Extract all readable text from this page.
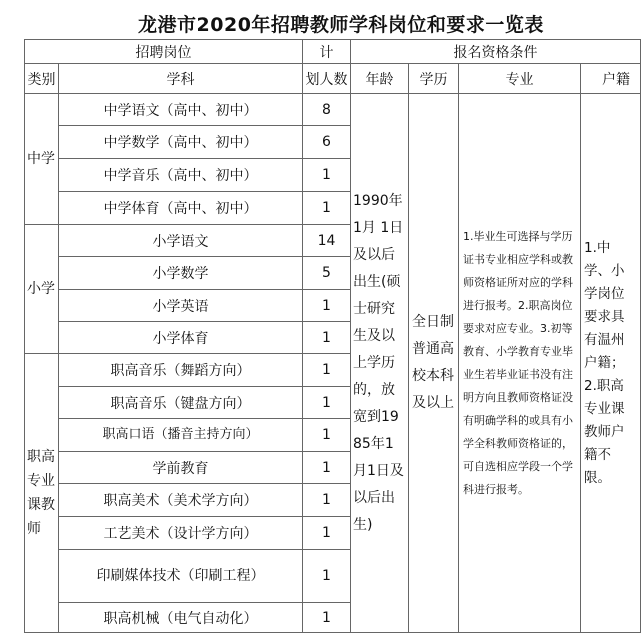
龙港市2020年招聘教师学科岗位和要求一览表
招聘岗位		计	报名资格条件			
类别	学科	划人数	年龄	学历	专业	户籍

中学	中学语文（高中、初中）	8	1990年1月 1日及以后出生(硕士研究生及以上学历的，放宽到1985年1月1日及以后出生)	全日制普通高校本科及以上	1.毕业生可选择与学历证书专业相应学科或教师资格证所对应的学科进行报考。2.职高岗位要求对应专业。3.初等教育、小学教育专业毕业生若毕业证书没有注明方向且教师资格证没有明确学科的或具有小学全科教师资格证的，可自选相应学段一个学科进行报考。	1.中学、小学岗位要求具有温州户籍；2.职高专业课教师户籍不限。

	中学数学（高中、初中）	6				
	中学音乐（高中、初中）	1				
	中学体育（高中、初中）	1				

小学	小学语文	14				
	小学数学	5				
	小学英语	1				
	小学体育	1				

职高专业课教师	职高音乐（舞蹈方向）	1				
	职高音乐（键盘方向）	1				
	职高口语（播音主持方向）	1				
	学前教育	1				
	职高美术（美术学方向）	1				
	工艺美术（设计学方向）	1				
	印刷媒体技术（印刷工程）	1				
	职高机械（电气自动化）	1				
